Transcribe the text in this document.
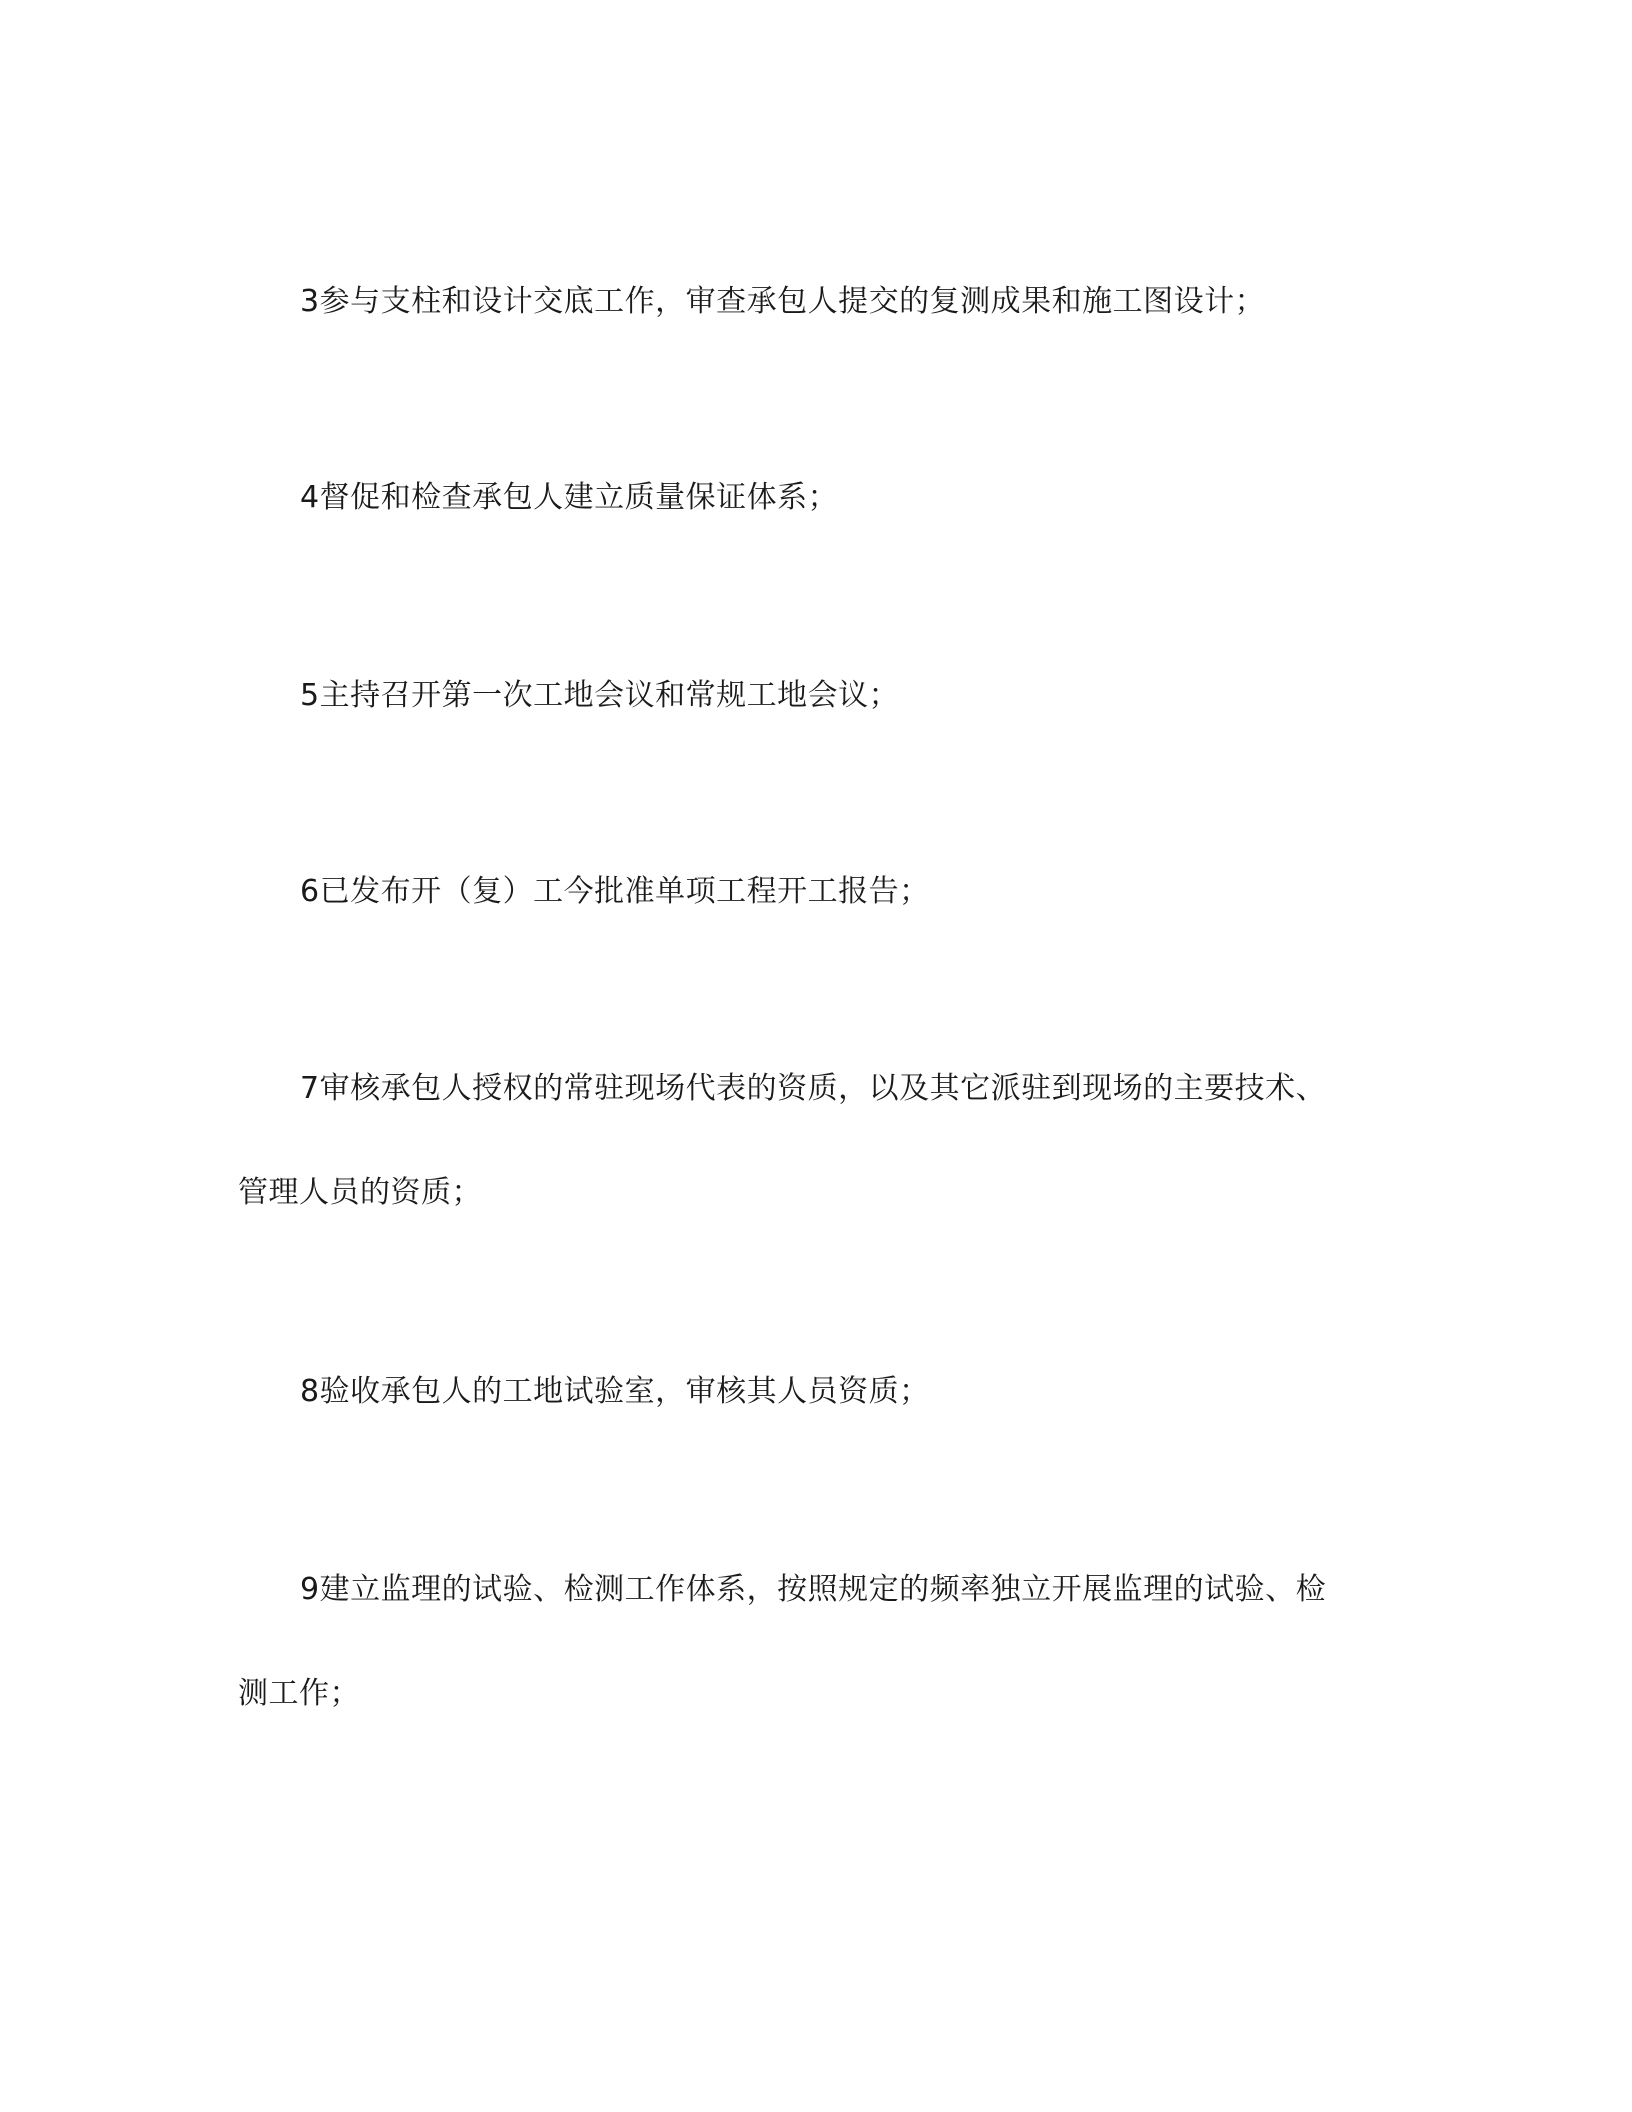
3参与支柱和设计交底工作，审查承包人提交的复测成果和施工图设计；
4督促和检查承包人建立质量保证体系；
5主持召开第一次工地会议和常规工地会议；
6已发布开（复）工今批准单项工程开工报告；
7审核承包人授权的常驻现场代表的资质，以及其它派驻到现场的主要技术、
管理人员的资质；
8验收承包人的工地试验室，审核其人员资质；
9建立监理的试验、检测工作体系，按照规定的频率独立开展监理的试验、检
测工作；
